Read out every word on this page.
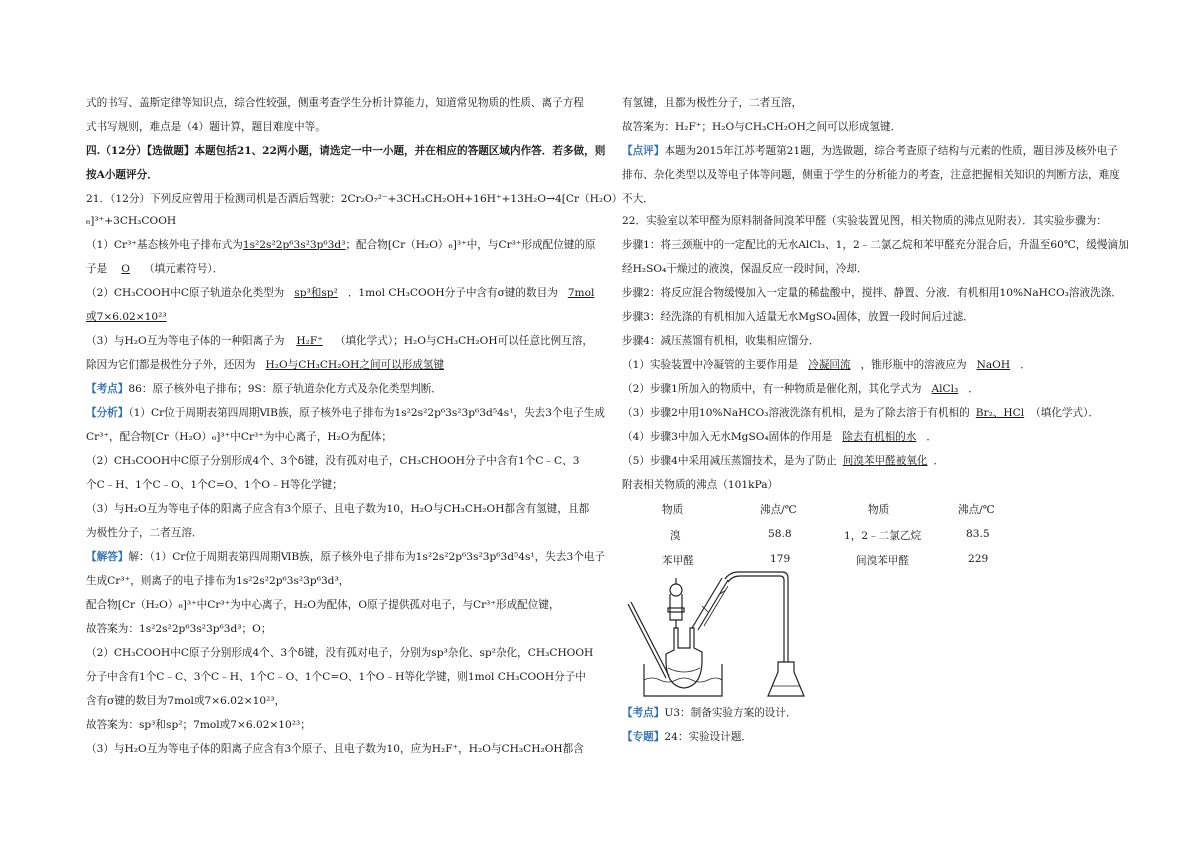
式的书写、盖斯定律等知识点，综合性较强，侧重考查学生分析计算能力，知道常见物质的性质、离子方程
式书写规则，难点是（4）题计算，题目难度中等。
四.（12分）【选做题】本题包括21、22两小题，请选定一中一小题，并在相应的答题区域内作答．若多做，则
按A小题评分．
21．（12分）下列反应曾用于检测司机是否酒后驾驶：2Cr₂O₇²⁻+3CH₃CH₂OH+16H⁺+13H₂O→4[Cr（H₂O）
₆]³⁺+3CH₃COOH
（1）Cr³⁺基态核外电子排布式为1s²2s²2p⁶3s²3p⁶3d³；配合物[Cr（H₂O）₆]³⁺中，与Cr³⁺形成配位键的原
子是 O （填元素符号）．
（2）CH₃COOH中C原子轨道杂化类型为 sp³和sp² ．1mol CH₃COOH分子中含有σ键的数目为 7mol
或7×6.02×10²³
（3）与H₂O互为等电子体的一种阳离子为 H₂F⁺ （填化学式）；H₂O与CH₃CH₂OH可以任意比例互溶，
除因为它们都是极性分子外，还因为 H₂O与CH₃CH₂OH之间可以形成氢键
【考点】86：原子核外电子排布；9S：原子轨道杂化方式及杂化类型判断．
【分析】（1）Cr位于周期表第四周期ⅥB族，原子核外电子排布为1s²2s²2p⁶3s²3p⁶3d⁵4s¹，失去3个电子生成
Cr³⁺，配合物[Cr（H₂O）₆]³⁺中Cr³⁺为中心离子，H₂O为配体；
（2）CH₃COOH中C原子分别形成4个、3个δ键，没有孤对电子，CH₃CHOOH分子中含有1个C﹣C、3
个C﹣H、1个C﹣O、1个C=O、1个O﹣H等化学键；
（3）与H₂O互为等电子体的阳离子应含有3个原子、且电子数为10，H₂O与CH₃CH₂OH都含有氢键，且都
为极性分子，二者互溶．
【解答】解：（1）Cr位于周期表第四周期ⅥB族，原子核外电子排布为1s²2s²2p⁶3s²3p⁶3d⁵4s¹，失去3个电子
生成Cr³⁺，则离子的电子排布为1s²2s²2p⁶3s²3p⁶3d³，
配合物[Cr（H₂O）₆]³⁺中Cr³⁺为中心离子，H₂O为配体，O原子提供孤对电子，与Cr³⁺形成配位键，
故答案为：1s²2s²2p⁶3s²3p⁶3d³；O；
（2）CH₃COOH中C原子分别形成4个、3个δ键，没有孤对电子，分别为sp³杂化、sp²杂化，CH₃CHOOH
分子中含有1个C﹣C、3个C﹣H、1个C﹣O、1个C=O、1个O﹣H等化学键，则1mol CH₃COOH分子中
含有σ键的数目为7mol或7×6.02×10²³，
故答案为：sp³和sp²；7mol或7×6.02×10²³；
（3）与H₂O互为等电子体的阳离子应含有3个原子、且电子数为10，应为H₂F⁺，H₂O与CH₃CH₂OH都含
有氢键，且都为极性分子，二者互溶，
故答案为：H₂F⁺；H₂O与CH₃CH₂OH之间可以形成氢键．
【点评】本题为2015年江苏考题第21题，为选做题，综合考查原子结构与元素的性质，题目涉及核外电子
排布、杂化类型以及等电子体等问题，侧重于学生的分析能力的考查，注意把握相关知识的判断方法，难度
不大．
22．实验室以苯甲醛为原料制备间溴苯甲醛（实验装置见图，相关物质的沸点见附表）．其实验步骤为：
步骤1：将三颈瓶中的一定配比的无水AlCl₃、1，2﹣二氯乙烷和苯甲醛充分混合后，升温至60℃，缓慢滴加
经H₂SO₄干燥过的液溴，保温反应一段时间，冷却．
步骤2：将反应混合物缓慢加入一定量的稀盐酸中，搅拌、静置、分液．有机相用10%NaHCO₃溶液洗涤．
步骤3：经洗涤的有机相加入适量无水MgSO₄固体，放置一段时间后过滤．
步骤4：减压蒸馏有机相，收集相应馏分．
（1）实验装置中冷凝管的主要作用是 冷凝回流 ，锥形瓶中的溶液应为 NaOH ．
（2）步骤1所加入的物质中，有一种物质是催化剂，其化学式为 AlCl₃ ．
（3）步骤2中用10%NaHCO₃溶液洗涤有机相，是为了除去溶于有机相的 Br₂、HCl （填化学式）．
（4）步骤3中加入无水MgSO₄固体的作用是 除去有机相的水 ．
（5）步骤4中采用减压蒸馏技术，是为了防止 间溴苯甲醛被氧化 ．
附表相关物质的沸点（101kPa）
物质	沸点/℃	物质	沸点/℃
溴	58.8	1，2﹣二氯乙烷	83.5
苯甲醛	179	间溴苯甲醛	229
【考点】U3：制备实验方案的设计．
【专题】24：实验设计题．
